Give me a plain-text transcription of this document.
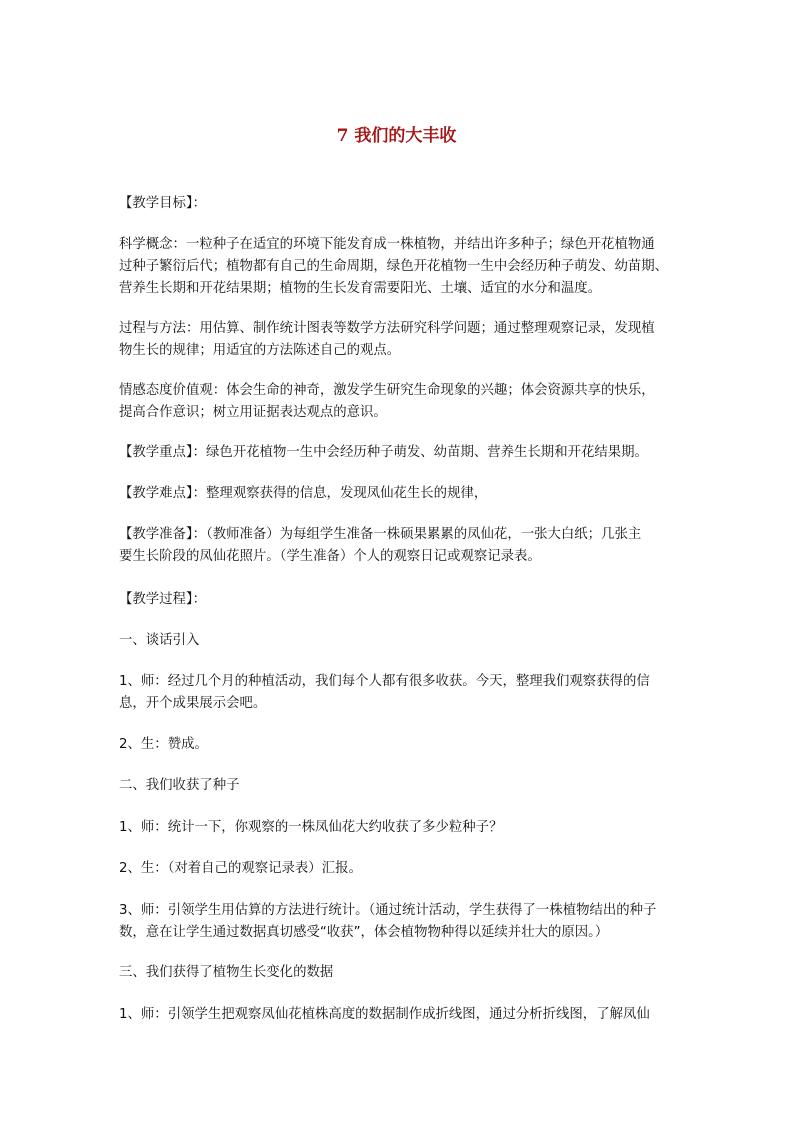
7 我们的大丰收

【教学目标】：

科学概念：一粒种子在适宜的环境下能发育成一株植物，并结出许多种子；绿色开花植物通
过种子繁衍后代；植物都有自己的生命周期，绿色开花植物一生中会经历种子萌发、幼苗期、
营养生长期和开花结果期；植物的生长发育需要阳光、土壤、适宜的水分和温度。

过程与方法：用估算、制作统计图表等数学方法研究科学问题；通过整理观察记录，发现植
物生长的规律；用适宜的方法陈述自己的观点。

情感态度价值观：体会生命的神奇，激发学生研究生命现象的兴趣；体会资源共享的快乐，
提高合作意识；树立用证据表达观点的意识。

【教学重点】：绿色开花植物一生中会经历种子萌发、幼苗期、营养生长期和开花结果期。

【教学难点】：整理观察获得的信息，发现凤仙花生长的规律，

【教学准备】：（教师准备）为每组学生准备一株硕果累累的凤仙花，一张大白纸；几张主
要生长阶段的凤仙花照片。（学生准备）个人的观察日记或观察记录表。

【教学过程】：

一、谈话引入

1、师：经过几个月的种植活动，我们每个人都有很多收获。今天，整理我们观察获得的信
息，开个成果展示会吧。

2、生：赞成。

二、我们收获了种子

1、师：统计一下，你观察的一株凤仙花大约收获了多少粒种子？

2、生：（对着自己的观察记录表）汇报。

3、师：引领学生用估算的方法进行统计。（通过统计活动，学生获得了一株植物结出的种子
数，意在让学生通过数据真切感受“收获”，体会植物物种得以延续并壮大的原因。）

三、我们获得了植物生长变化的数据

1、师：引领学生把观察凤仙花植株高度的数据制作成折线图，通过分析折线图，了解凤仙
